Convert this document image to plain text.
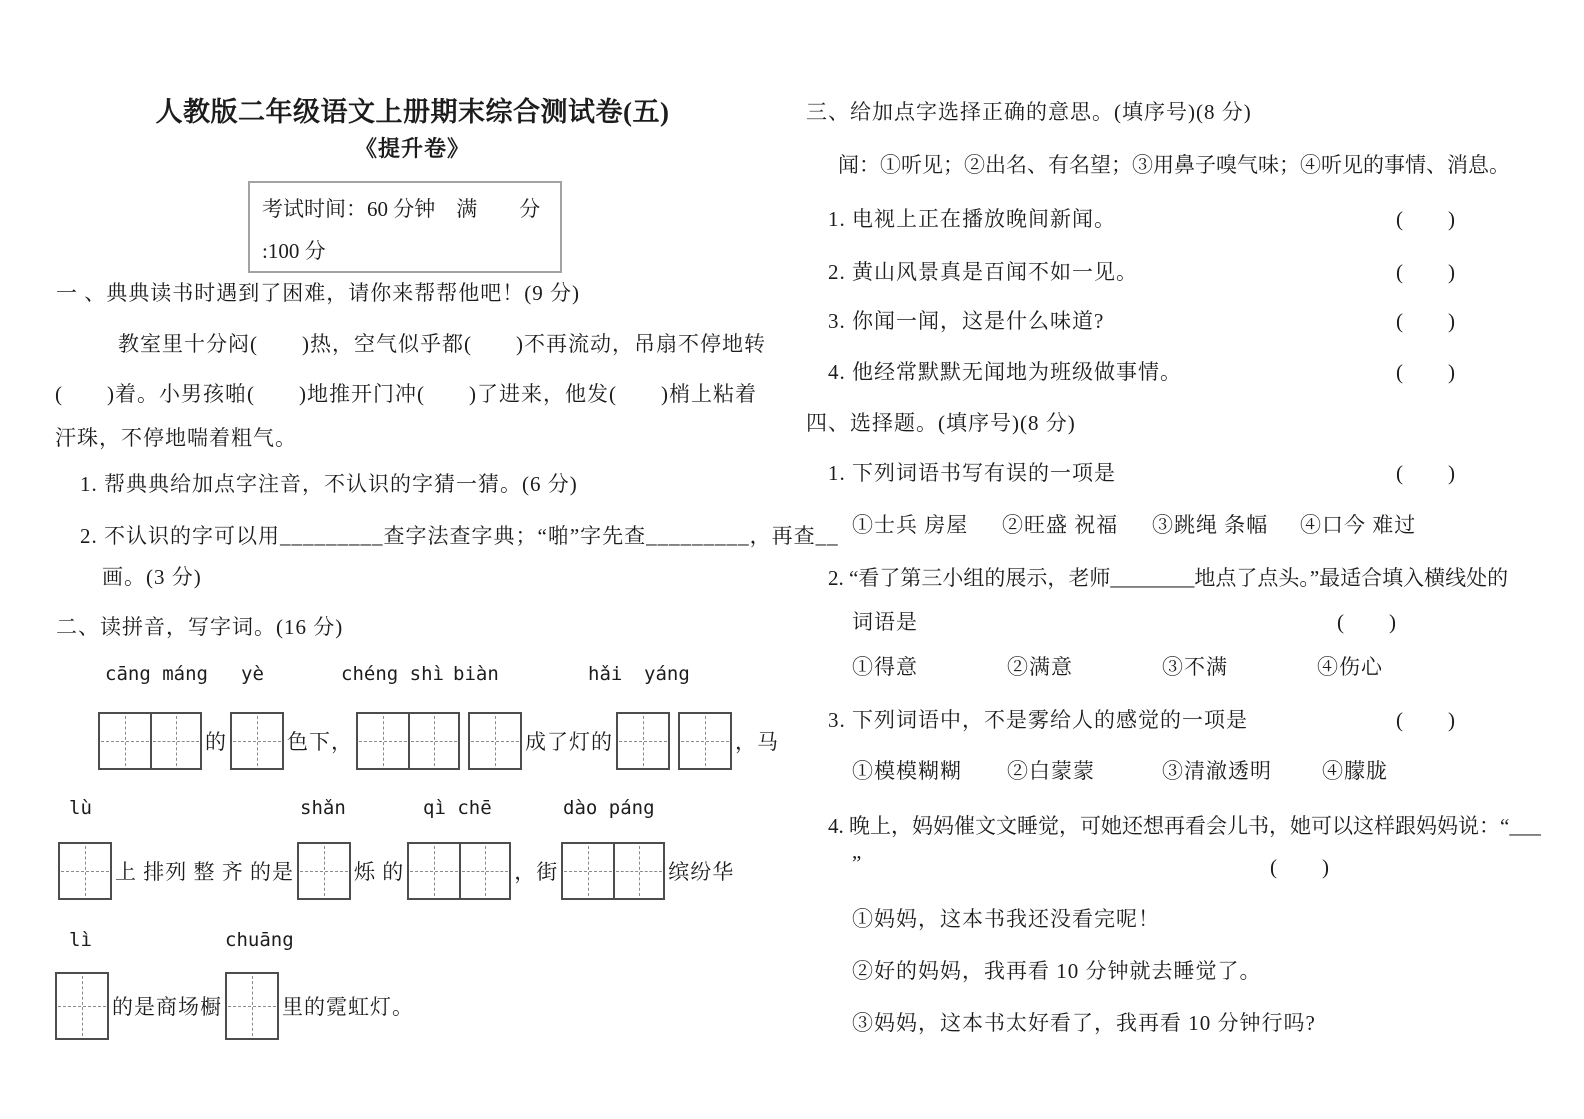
人教版二年级语文上册期末综合测试卷(五)
《提升卷》
考试时间：60 分钟　满　　分
:100 分
一 、典典读书时遇到了困难，请你来帮帮他吧！(9 分)
教室里十分闷(　　)热，空气似乎都(　　)不再流动，吊扇不停地转
(　　)着。小男孩啪(　　)地推开门冲(　　)了进来，他发(　　)梢上粘着
汗珠，不停地喘着粗气。
1. 帮典典给加点字注音，不认识的字猜一猜。(6 分)
2. 不认识的字可以用_________查字法查字典；“啪”字先查_________，再查__
画。(3 分)
二、读拼音，写字词。(16 分)
cāng máng yè	chéng shì biàn	hǎi yáng
的	色下，	成了灯的	，马
lù	shǎn	qì chē	dào páng
上 排列 整 齐 的是	烁 的	，街	缤纷华
lì	chuāng
的是商场橱	里的霓虹灯。
三、给加点字选择正确的意思。(填序号)(8 分)
闻：①听见；②出名、有名望；③用鼻子嗅气味；④听见的事情、消息。
1. 电视上正在播放晚间新闻。	(　　)
2. 黄山风景真是百闻不如一见。	(　　)
3. 你闻一闻，这是什么味道?	(　　)
4. 他经常默默无闻地为班级做事情。	(　　)
四、选择题。(填序号)(8 分)
1. 下列词语书写有误的一项是	(　　)
①士兵 房屋	②旺盛 祝福	③跳绳 条幅	④口今 难过
2. “看了第三小组的展示，老师________地点了点头。”最适合填入横线处的
词语是	(　　)
①得意	②满意	③不满	④伤心
3. 下列词语中，不是雾给人的感觉的一项是	(　　)
①模模糊糊	②白蒙蒙	③清澈透明	④朦胧
4. 晚上，妈妈催文文睡觉，可她还想再看会儿书，她可以这样跟妈妈说：“___
”	(　　)
①妈妈，这本书我还没看完呢！
②好的妈妈，我再看 10 分钟就去睡觉了。
③妈妈，这本书太好看了，我再看 10 分钟行吗?
